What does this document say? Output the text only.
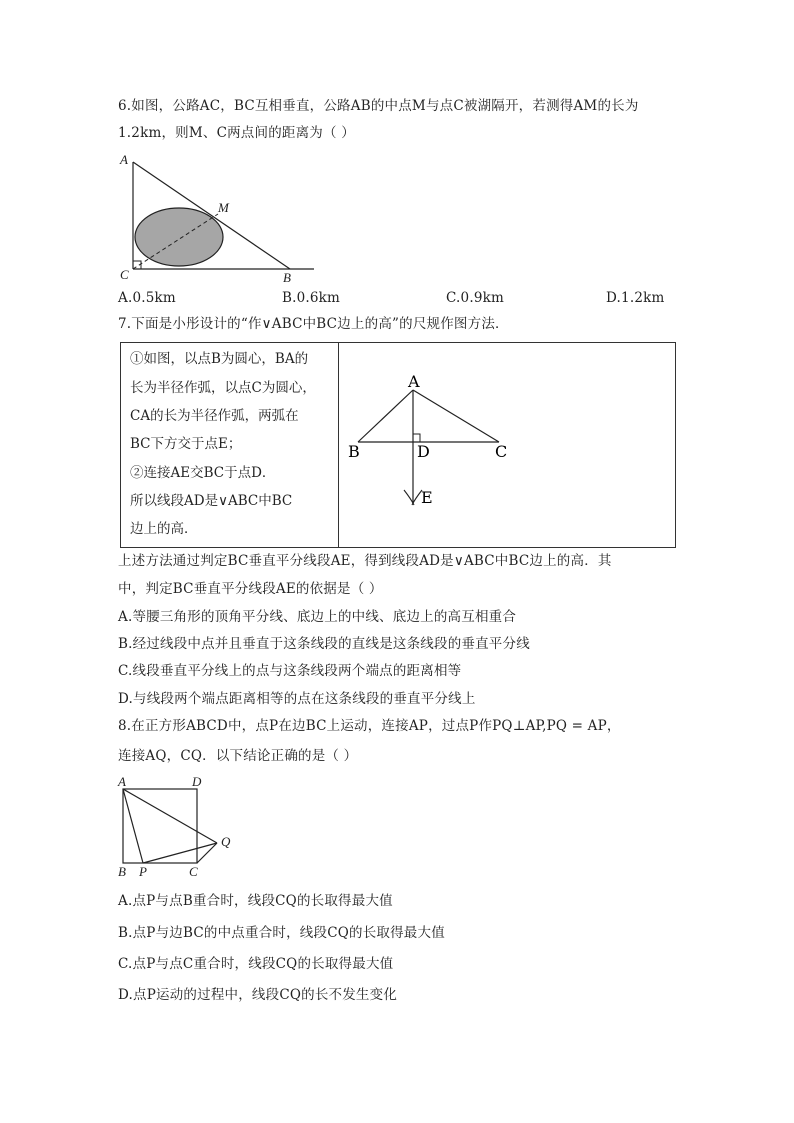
6.如图，公路AC，BC互相垂直，公路AB的中点M与点C被湖隔开，若测得AM的长为
1.2km，则M、C两点间的距离为（ ）
A
M
C	B
A.0.5km	B.0.6km	C.0.9km	D.1.2km
7.下面是小彤设计的“作∨ABC中BC边上的高”的尺规作图方法．
①如图，以点B为圆心，BA的
长为半径作弧，以点C为圆心，
CA的长为半径作弧，两弧在
BC下方交于点E；
②连接AE交BC于点D．
所以线段AD是∨ABC中BC
边上的高．
A
B	D	C
E
上述方法通过判定BC垂直平分线段AE，得到线段AD是∨ABC中BC边上的高．其
中，判定BC垂直平分线段AE的依据是（ ）
A.等腰三角形的顶角平分线、底边上的中线、底边上的高互相重合
B.经过线段中点并且垂直于这条线段的直线是这条线段的垂直平分线
C.线段垂直平分线上的点与这条线段两个端点的距离相等
D.与线段两个端点距离相等的点在这条线段的垂直平分线上
8.在正方形ABCD中，点P在边BC上运动，连接AP，过点P作PQ⊥AP,PQ = AP，
连接AQ，CQ．以下结论正确的是（ ）
A	D
Q
B P	C
A.点P与点B重合时，线段CQ的长取得最大值
B.点P与边BC的中点重合时，线段CQ的长取得最大值
C.点P与点C重合时，线段CQ的长取得最大值
D.点P运动的过程中，线段CQ的长不发生变化
